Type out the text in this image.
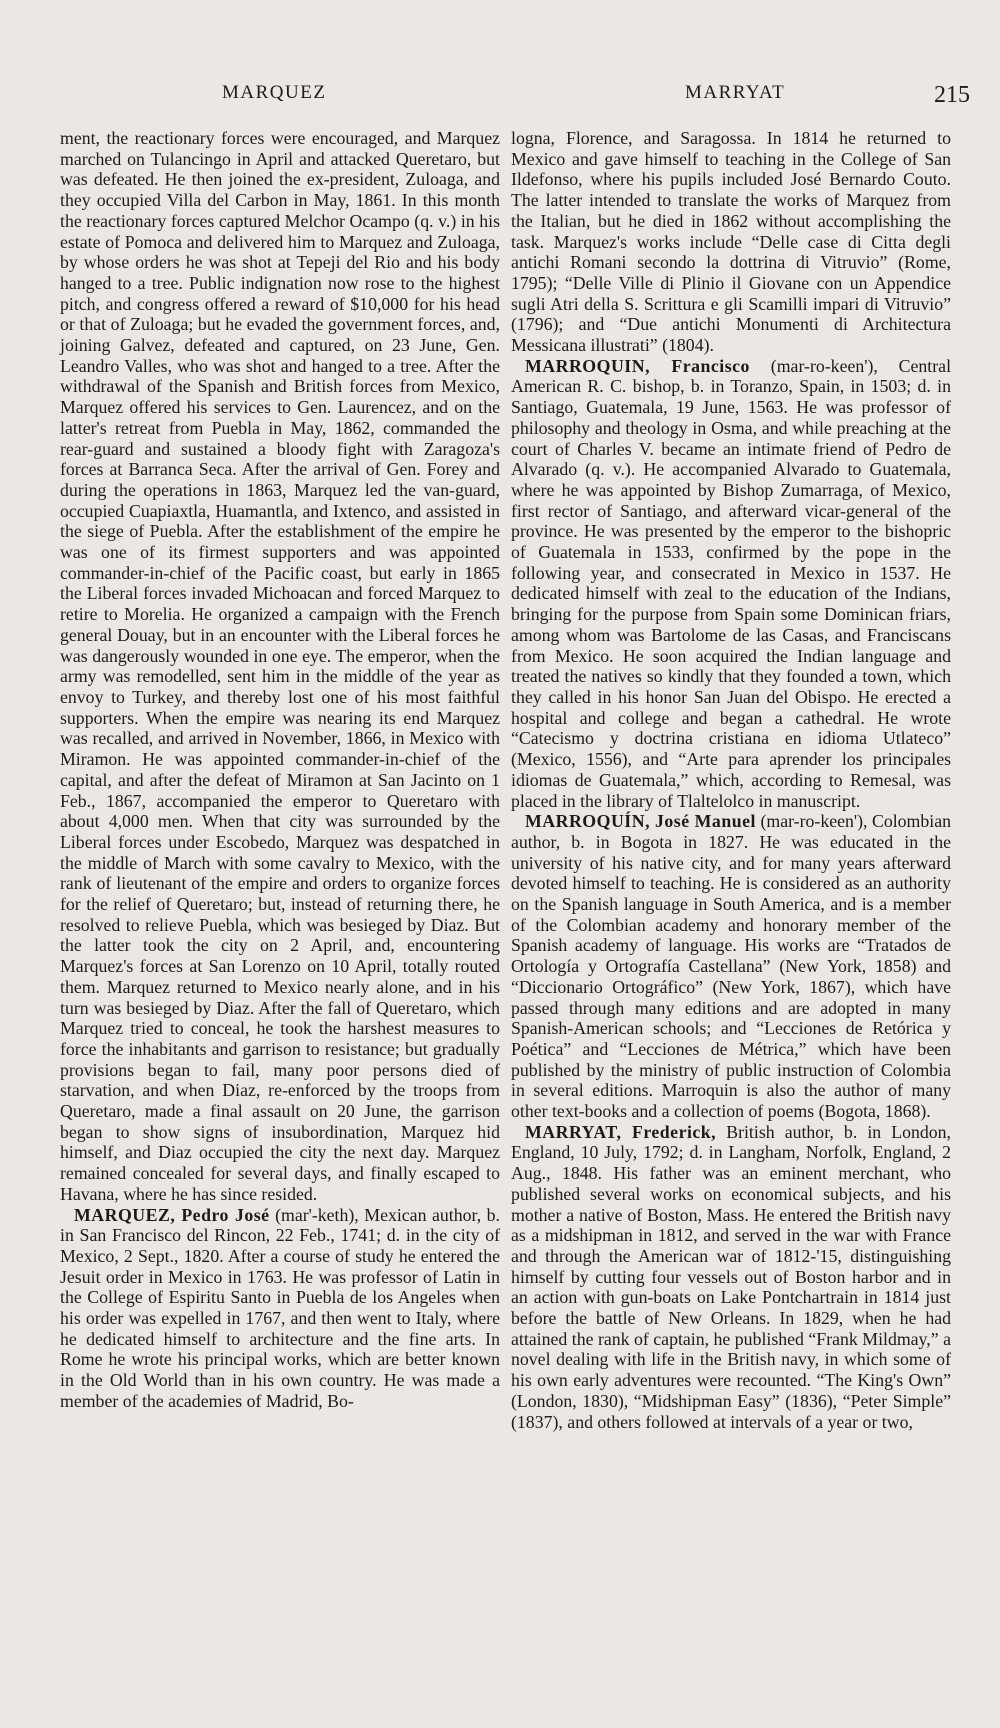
MARQUEZ	MARRYAT	215

ment, the reactionary forces were encouraged, and Marquez marched on Tulancingo in April and attacked Queretaro, but was defeated. He then joined the ex-president, Zuloaga, and they occupied Villa del Carbon in May, 1861. In this month the reactionary forces captured Melchor Ocampo (q. v.) in his estate of Pomoca and delivered him to Marquez and Zuloaga, by whose orders he was shot at Tepeji del Rio and his body hanged to a tree. Public indignation now rose to the highest pitch, and congress offered a reward of $10,000 for his head or that of Zuloaga; but he evaded the government forces, and, joining Galvez, defeated and captured, on 23 June, Gen. Leandro Valles, who was shot and hanged to a tree. After the withdrawal of the Spanish and British forces from Mexico, Marquez offered his services to Gen. Laurencez, and on the latter's retreat from Puebla in May, 1862, commanded the rear-guard and sustained a bloody fight with Zaragoza's forces at Barranca Seca. After the arrival of Gen. Forey and during the operations in 1863, Marquez led the van-guard, occupied Cuapiaxtla, Huamantla, and Ixtenco, and assisted in the siege of Puebla. After the establishment of the empire he was one of its firmest supporters and was appointed commander-in-chief of the Pacific coast, but early in 1865 the Liberal forces invaded Michoacan and forced Marquez to retire to Morelia. He organized a campaign with the French general Douay, but in an encounter with the Liberal forces he was dangerously wounded in one eye. The emperor, when the army was remodelled, sent him in the middle of the year as envoy to Turkey, and thereby lost one of his most faithful supporters. When the empire was nearing its end Marquez was recalled, and arrived in November, 1866, in Mexico with Miramon. He was appointed commander-in-chief of the capital, and after the defeat of Miramon at San Jacinto on 1 Feb., 1867, accompanied the emperor to Queretaro with about 4,000 men. When that city was surrounded by the Liberal forces under Escobedo, Marquez was despatched in the middle of March with some cavalry to Mexico, with the rank of lieutenant of the empire and orders to organize forces for the relief of Queretaro; but, instead of returning there, he resolved to relieve Puebla, which was besieged by Diaz. But the latter took the city on 2 April, and, encountering Marquez's forces at San Lorenzo on 10 April, totally routed them. Marquez returned to Mexico nearly alone, and in his turn was besieged by Diaz. After the fall of Queretaro, which Marquez tried to conceal, he took the harshest measures to force the inhabitants and garrison to resistance; but gradually provisions began to fail, many poor persons died of starvation, and when Diaz, re-enforced by the troops from Queretaro, made a final assault on 20 June, the garrison began to show signs of insubordination, Marquez hid himself, and Diaz occupied the city the next day. Marquez remained concealed for several days, and finally escaped to Havana, where he has since resided.

MARQUEZ, Pedro José (mar'-keth), Mexican author, b. in San Francisco del Rincon, 22 Feb., 1741; d. in the city of Mexico, 2 Sept., 1820. After a course of study he entered the Jesuit order in Mexico in 1763. He was professor of Latin in the College of Espiritu Santo in Puebla de los Angeles when his order was expelled in 1767, and then went to Italy, where he dedicated himself to architecture and the fine arts. In Rome he wrote his principal works, which are better known in the Old World than in his own country. He was made a member of the academies of Madrid, Bo-

logna, Florence, and Saragossa. In 1814 he returned to Mexico and gave himself to teaching in the College of San Ildefonso, where his pupils included José Bernardo Couto. The latter intended to translate the works of Marquez from the Italian, but he died in 1862 without accomplishing the task. Marquez's works include “Delle case di Citta degli antichi Romani secondo la dottrina di Vitruvio” (Rome, 1795); “Delle Ville di Plinio il Giovane con un Appendice sugli Atri della S. Scrittura e gli Scamilli impari di Vitruvio” (1796); and “Due antichi Monumenti di Architectura Messicana illustrati” (1804).

MARROQUIN, Francisco (mar-ro-keen'), Central American R. C. bishop, b. in Toranzo, Spain, in 1503; d. in Santiago, Guatemala, 19 June, 1563. He was professor of philosophy and theology in Osma, and while preaching at the court of Charles V. became an intimate friend of Pedro de Alvarado (q. v.). He accompanied Alvarado to Guatemala, where he was appointed by Bishop Zumarraga, of Mexico, first rector of Santiago, and afterward vicar-general of the province. He was presented by the emperor to the bishopric of Guatemala in 1533, confirmed by the pope in the following year, and consecrated in Mexico in 1537. He dedicated himself with zeal to the education of the Indians, bringing for the purpose from Spain some Dominican friars, among whom was Bartolome de las Casas, and Franciscans from Mexico. He soon acquired the Indian language and treated the natives so kindly that they founded a town, which they called in his honor San Juan del Obispo. He erected a hospital and college and began a cathedral. He wrote “Catecismo y doctrina cristiana en idioma Utlateco” (Mexico, 1556), and “Arte para aprender los principales idiomas de Guatemala,” which, according to Remesal, was placed in the library of Tlaltelolco in manuscript.

MARROQUÍN, José Manuel (mar-ro-keen'), Colombian author, b. in Bogota in 1827. He was educated in the university of his native city, and for many years afterward devoted himself to teaching. He is considered as an authority on the Spanish language in South America, and is a member of the Colombian academy and honorary member of the Spanish academy of language. His works are “Tratados de Ortología y Ortografía Castellana” (New York, 1858) and “Diccionario Ortográfico” (New York, 1867), which have passed through many editions and are adopted in many Spanish-American schools; and “Lecciones de Retórica y Poética” and “Lecciones de Métrica,” which have been published by the ministry of public instruction of Colombia in several editions. Marroquin is also the author of many other text-books and a collection of poems (Bogota, 1868).

MARRYAT, Frederick, British author, b. in London, England, 10 July, 1792; d. in Langham, Norfolk, England, 2 Aug., 1848. His father was an eminent merchant, who published several works on economical subjects, and his mother a native of Boston, Mass. He entered the British navy as a midshipman in 1812, and served in the war with France and through the American war of 1812-'15, distinguishing himself by cutting four vessels out of Boston harbor and in an action with gun-boats on Lake Pontchartrain in 1814 just before the battle of New Orleans. In 1829, when he had attained the rank of captain, he published “Frank Mildmay,” a novel dealing with life in the British navy, in which some of his own early adventures were recounted. “The King's Own” (London, 1830), “Midshipman Easy” (1836), “Peter Simple” (1837), and others followed at intervals of a year or two,
